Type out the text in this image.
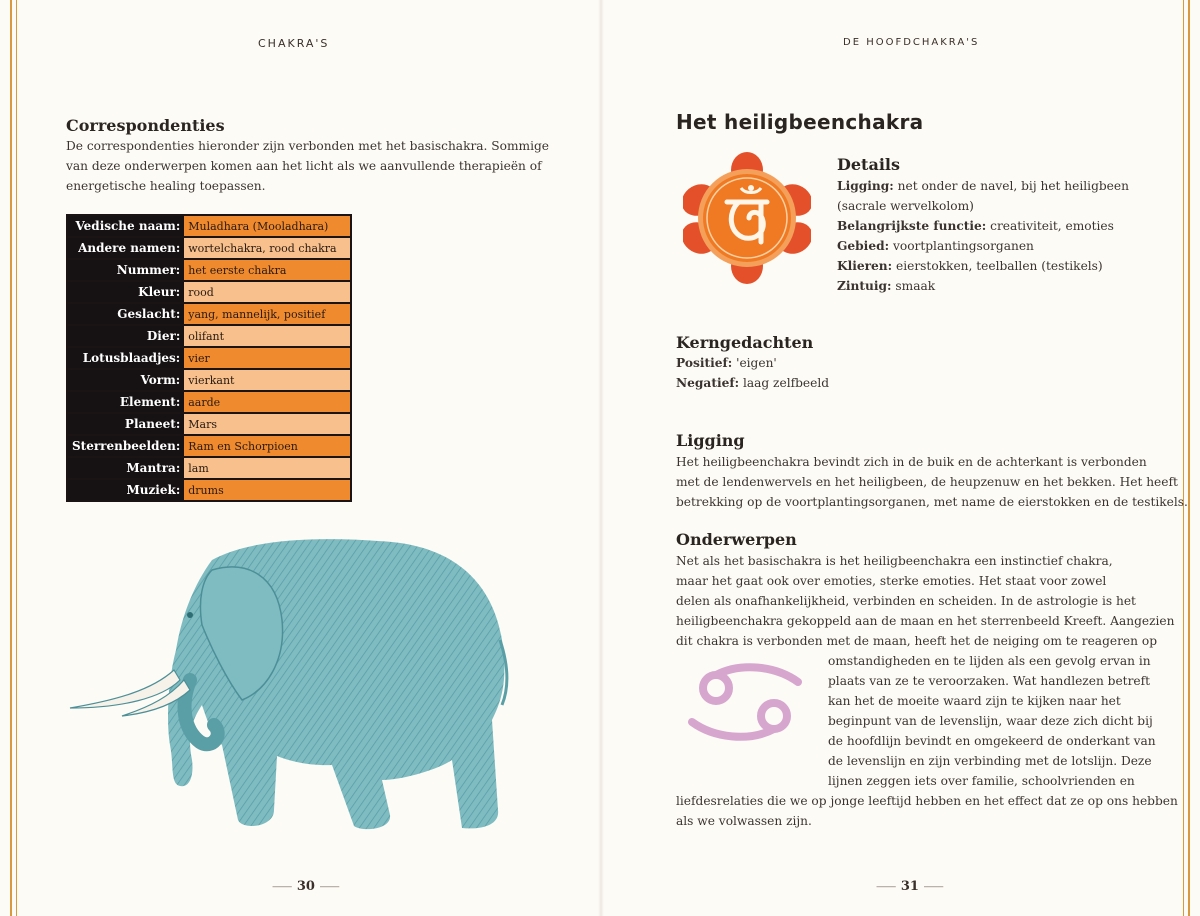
CHAKRA'S
Correspondenties
De correspondenties hieronder zijn verbonden met het basischakra. Sommige
van deze onderwerpen komen aan het licht als we aanvullende therapieën of
energetische healing toepassen.
Vedische naam:	Muladhara (Mooladhara)
Andere namen:	wortelchakra, rood chakra
Nummer:	het eerste chakra
Kleur:	rood
Geslacht:	yang, mannelijk, positief
Dier:	olifant
Lotusblaadjes:	vier
Vorm:	vierkant
Element:	aarde
Planeet:	Mars
Sterrenbeelden:	Ram en Schorpioen
Mantra:	lam
Muziek:	drums
⸺ 30 ⸺
DE HOOFDCHAKRA'S
Het heiligbeenchakra
Details
Ligging: net onder de navel, bij het heiligbeen
(sacrale wervelkolom)
Belangrijkste functie: creativiteit, emoties
Gebied: voortplantingsorganen
Klieren: eierstokken, teelballen (testikels)
Zintuig: smaak
Kerngedachten
Positief: 'eigen'
Negatief: laag zelfbeeld
Ligging
Het heiligbeenchakra bevindt zich in de buik en de achterkant is verbonden
met de lendenwervels en het heiligbeen, de heupzenuw en het bekken. Het heeft
betrekking op de voortplantingsorganen, met name de eierstokken en de testikels.
Onderwerpen
Net als het basischakra is het heiligbeenchakra een instinctief chakra,
maar het gaat ook over emoties, sterke emoties. Het staat voor zowel
delen als onafhankelijkheid, verbinden en scheiden. In de astrologie is het
heiligbeenchakra gekoppeld aan de maan en het sterrenbeeld Kreeft. Aangezien
dit chakra is verbonden met de maan, heeft het de neiging om te reageren op
omstandigheden en te lijden als een gevolg ervan in
plaats van ze te veroorzaken. Wat handlezen betreft
kan het de moeite waard zijn te kijken naar het
beginpunt van de levenslijn, waar deze zich dicht bij
de hoofdlijn bevindt en omgekeerd de onderkant van
de levenslijn en zijn verbinding met de lotslijn. Deze
lijnen zeggen iets over familie, schoolvrienden en
liefdesrelaties die we op jonge leeftijd hebben en het effect dat ze op ons hebben
als we volwassen zijn.
⸺ 31 ⸺
